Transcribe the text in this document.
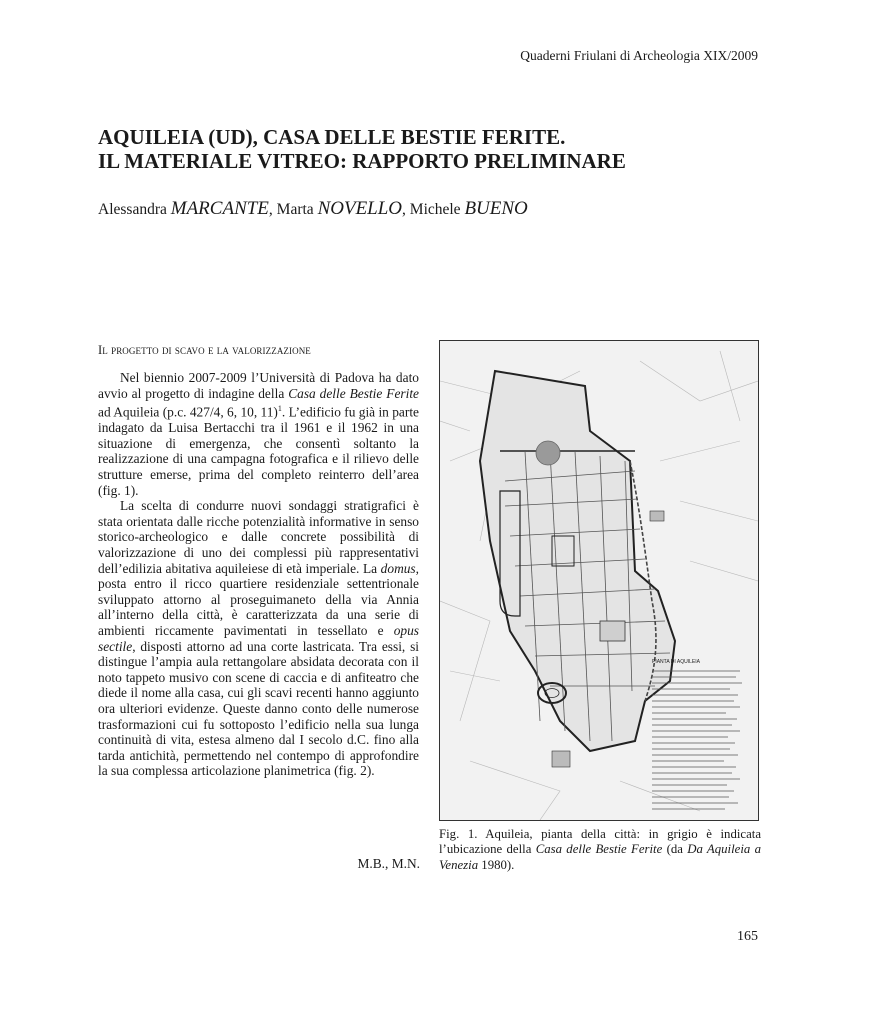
Quaderni Friulani di Archeologia XIX/2009
AQUILEIA (UD), CASA DELLE BESTIE FERITE.
IL MATERIALE VITREO: RAPPORTO PRELIMINARE
Alessandra MARCANTE, Marta NOVELLO, Michele BUENO
Il progetto di scavo e la valorizzazione

Nel biennio 2007-2009 l’Università di Padova ha dato avvio al progetto di indagine della Casa delle Bestie Ferite ad Aquileia (p.c. 427/4, 6, 10, 11)$^1$. L’edificio fu già in parte indagato da Luisa Bertacchi tra il 1961 e il 1962 in una situazione di emergenza, che consentì soltanto la realizzazione di una campagna fotografica e il rilievo delle strutture emerse, prima del completo reinterro dell’area (fig. 1).

La scelta di condurre nuovi sondaggi stratigrafici è stata orientata dalle ricche potenzialità informative in senso storico-archeologico e dalle concrete possibilità di valorizzazione di uno dei complessi più rappresentativi dell’edilizia abitativa aquileiese di età imperiale. La domus, posta entro il ricco quartiere residenziale settentrionale sviluppato attorno al proseguimaneto della via Annia all’interno della città, è caratterizzata da una serie di ambienti riccamente pavimentati in tessellato e opus sectile, disposti attorno ad una corte lastricata. Tra essi, si distingue l’ampia aula rettangolare absidata decorata con il noto tappeto musivo con scene di caccia e di anfiteatro che diede il nome alla casa, cui gli scavi recenti hanno aggiunto ora ulteriori evidenze. Queste danno conto delle numerose trasformazioni cui fu sottoposto l’edificio nella sua lunga continuità di vita, estesa almeno dal I secolo d.C. fino alla tarda antichità, permettendo nel contempo di approfondire la sua complessa articolazione planimetrica (fig. 2).

M.B., M.N.
PIANTA DI AQUILEIA
Fig. 1. Aquileia, pianta della città: in grigio è indicata l’ubicazione della Casa delle Bestie Ferite (da Da Aquileia a Venezia 1980).
165
